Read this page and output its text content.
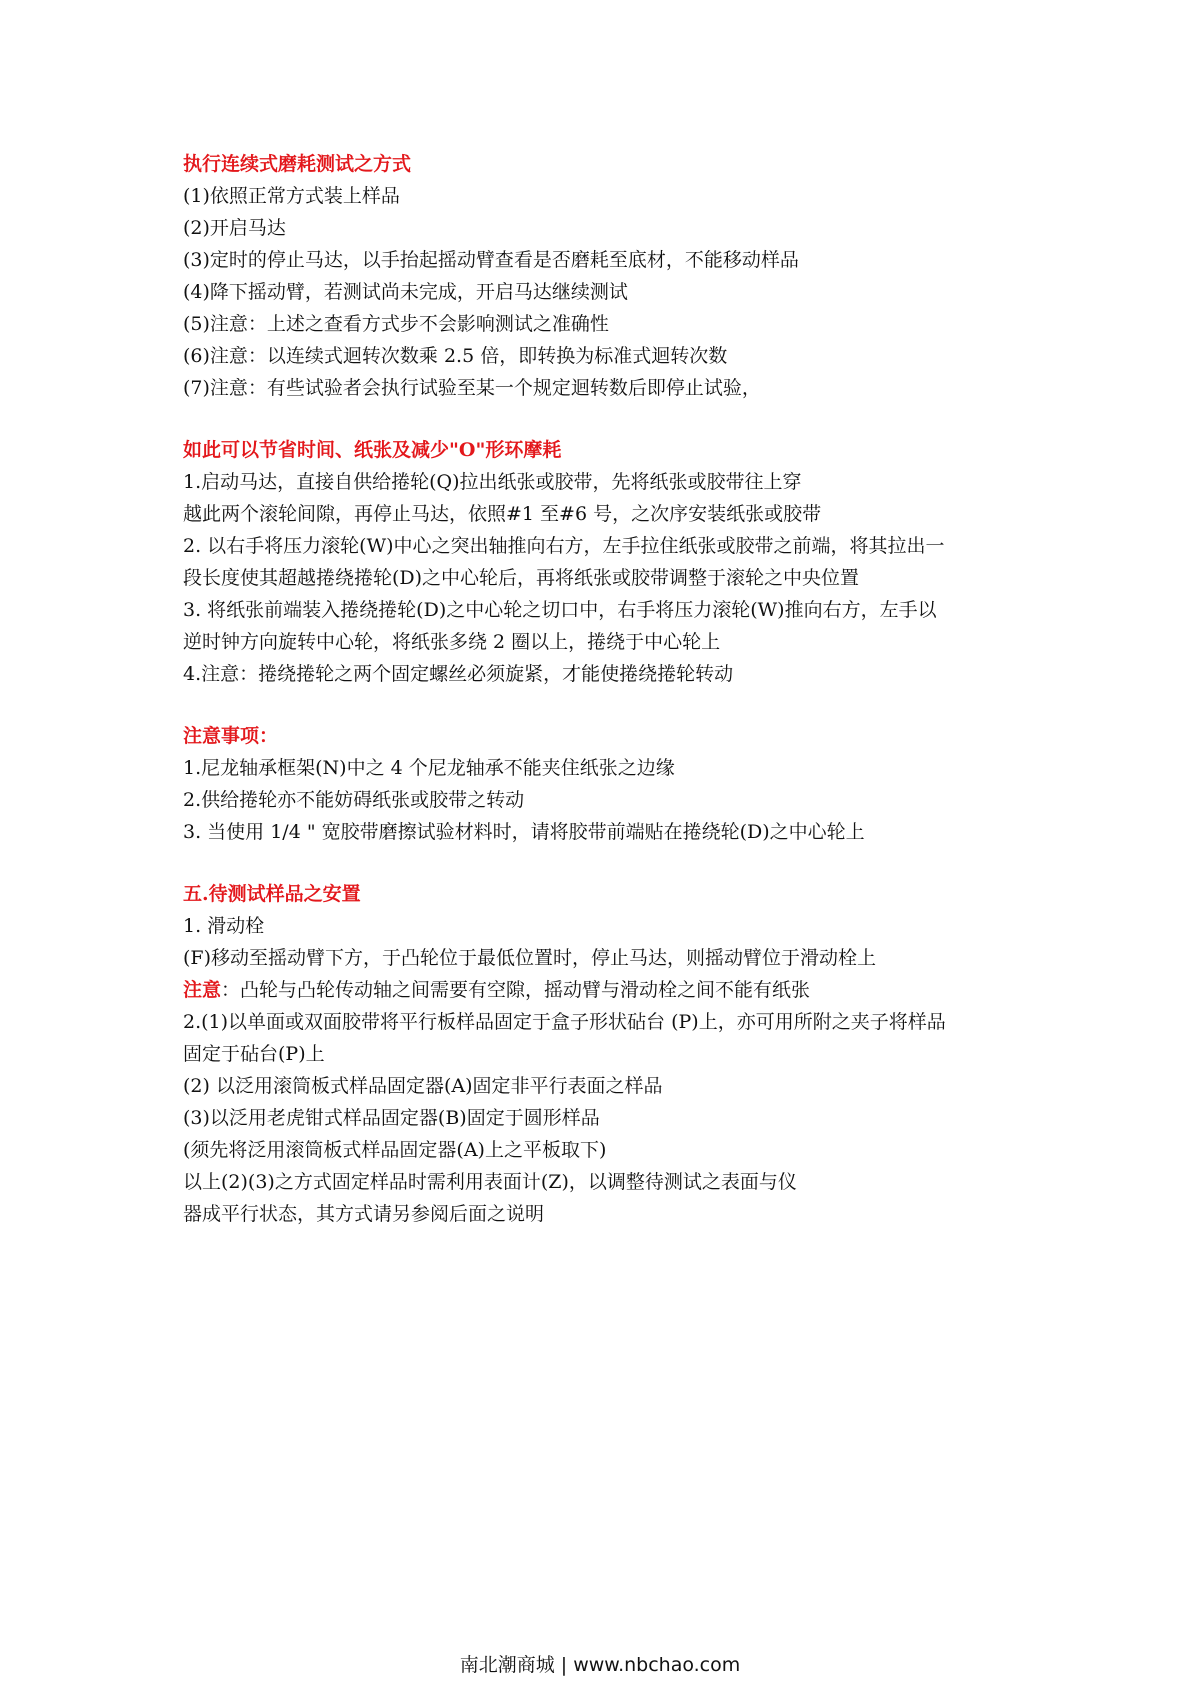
执行连续式磨耗测试之方式
(1)依照正常方式装上样品
(2)开启马达
(3)定时的停止马达，以手抬起摇动臂查看是否磨耗至底材，不能移动样品
(4)降下摇动臂，若测试尚未完成，开启马达继续测试
(5)注意：上述之查看方式步不会影响测试之准确性
(6)注意：以连续式迴转次数乘 2.5 倍，即转换为标准式迴转次数
(7)注意：有些试验者会执行试验至某一个规定迴转数后即停止试验，
如此可以节省时间、纸张及减少"O"形环摩耗
1.启动马达，直接自供给捲轮(Q)拉出纸张或胶带，先将纸张或胶带往上穿
越此两个滚轮间隙，再停止马达，依照#1 至#6 号，之次序安装纸张或胶带
2. 以右手将压力滚轮(W)中心之突出轴推向右方，左手拉住纸张或胶带之前端，将其拉出一
段长度使其超越捲绕捲轮(D)之中心轮后，再将纸张或胶带调整于滚轮之中央位置
3. 将纸张前端装入捲绕捲轮(D)之中心轮之切口中，右手将压力滚轮(W)推向右方，左手以
逆时钟方向旋转中心轮，将纸张多绕 2 圈以上，捲绕于中心轮上
4.注意：捲绕捲轮之两个固定螺丝必须旋紧，才能使捲绕捲轮转动
注意事项：
1.尼龙轴承框架(N)中之 4 个尼龙轴承不能夹住纸张之边缘
2.供给捲轮亦不能妨碍纸张或胶带之转动
3. 当使用 1/4 " 宽胶带磨擦试验材料时，请将胶带前端贴在捲绕轮(D)之中心轮上
五.待测试样品之安置
1. 滑动栓
(F)移动至摇动臂下方，于凸轮位于最低位置时，停止马达，则摇动臂位于滑动栓上
注意：凸轮与凸轮传动轴之间需要有空隙，摇动臂与滑动栓之间不能有纸张
2.(1)以单面或双面胶带将平行板样品固定于盒子形状砧台 (P)上，亦可用所附之夹子将样品
固定于砧台(P)上
(2) 以泛用滚筒板式样品固定器(A)固定非平行表面之样品
(3)以泛用老虎钳式样品固定器(B)固定于圆形样品
(须先将泛用滚筒板式样品固定器(A)上之平板取下)
以上(2)(3)之方式固定样品时需利用表面计(Z)，以调整待测试之表面与仪
器成平行状态，其方式请另参阅后面之说明
南北潮商城 | www.nbchao.com
